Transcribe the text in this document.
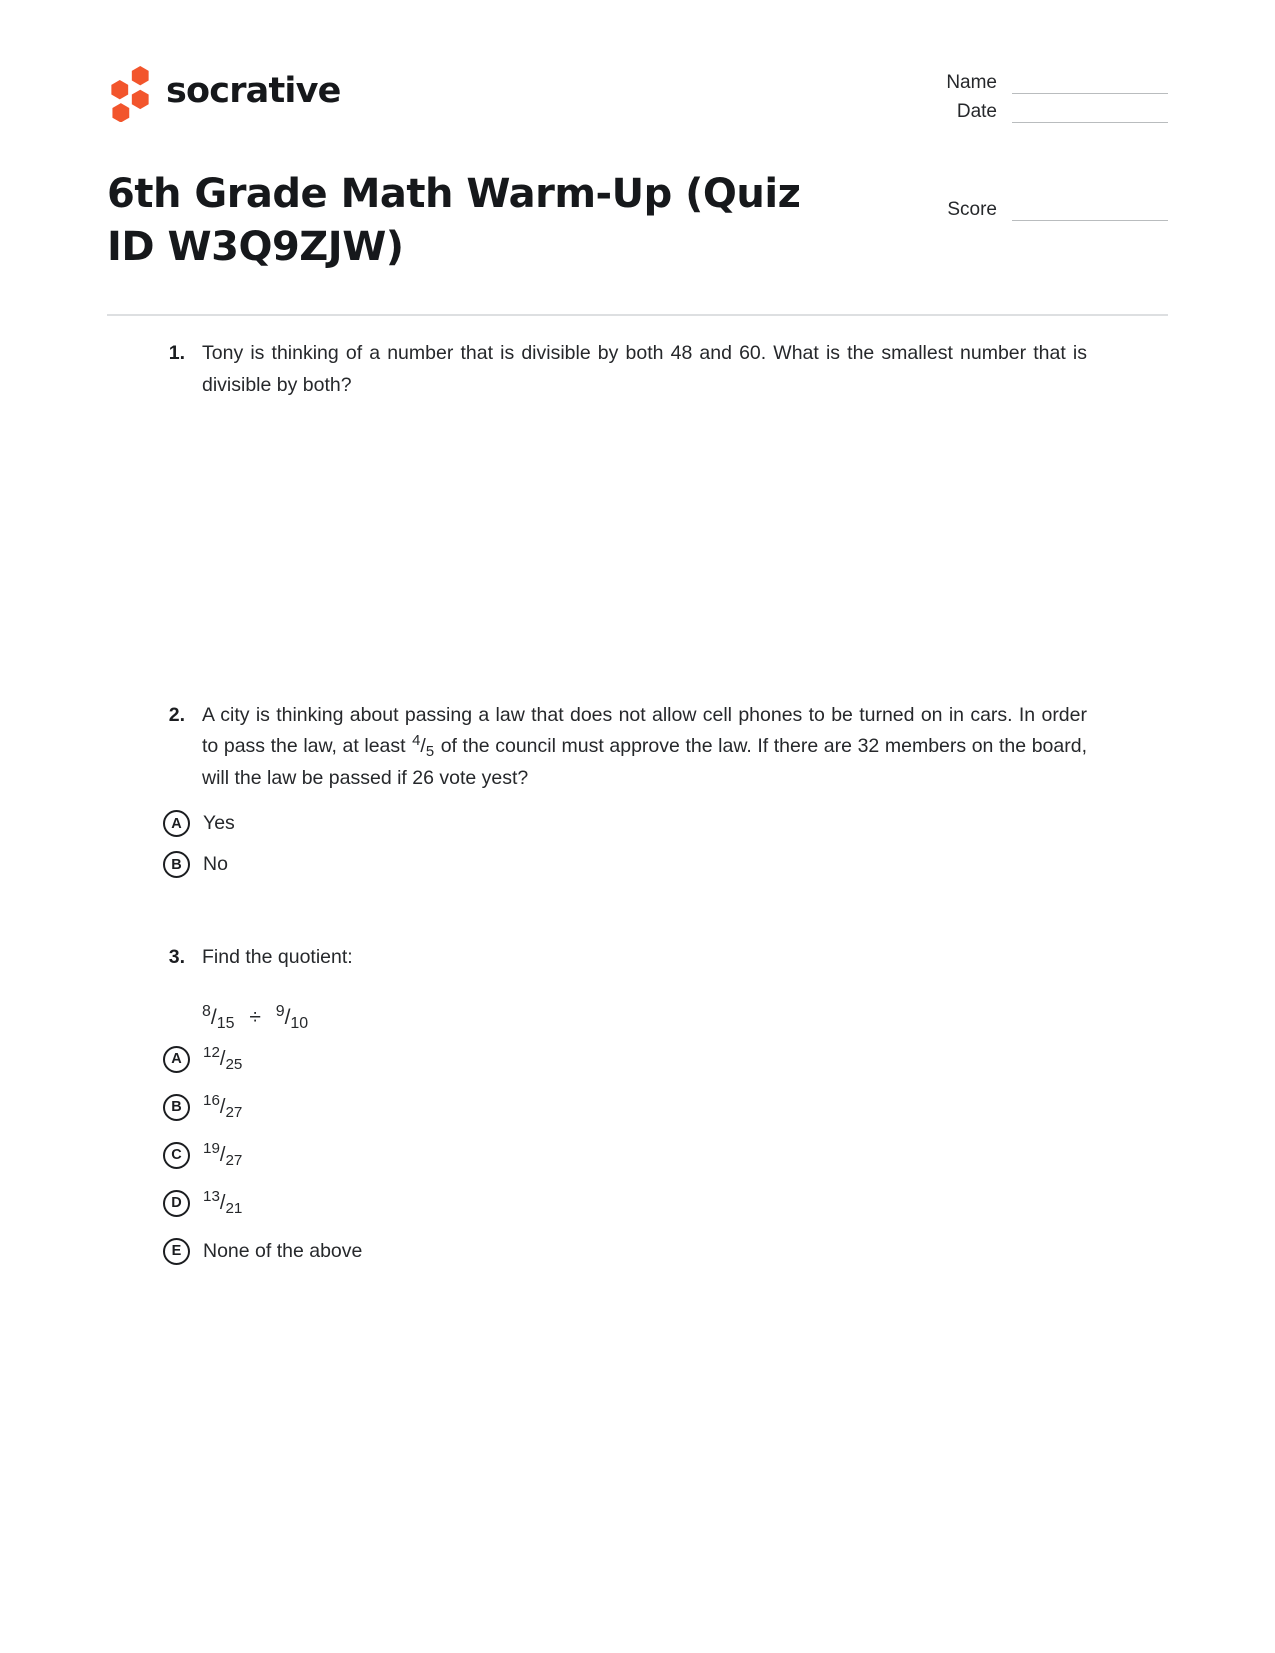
socrative	Name
Date
6th Grade Math Warm-Up (Quiz ID W3Q9ZJW)
Score
1. Tony is thinking of a number that is divisible by both 48 and 60. What is the smallest number that is divisible by both?

2. A city is thinking about passing a law that does not allow cell phones to be turned on in cars. In order to pass the law, at least $^4/_5$ of the council must approve the law. If there are 32 members on the board, will the law be passed if 26 vote yest?

A	Yes
B	No
3. Find the quotient:

$^8/_{15} \div ^9/_{10}$
A	$^{12}/_{25}$
B	$^{16}/_{27}$
C	$^{19}/_{27}$
D	$^{13}/_{21}$
E	None of the above
